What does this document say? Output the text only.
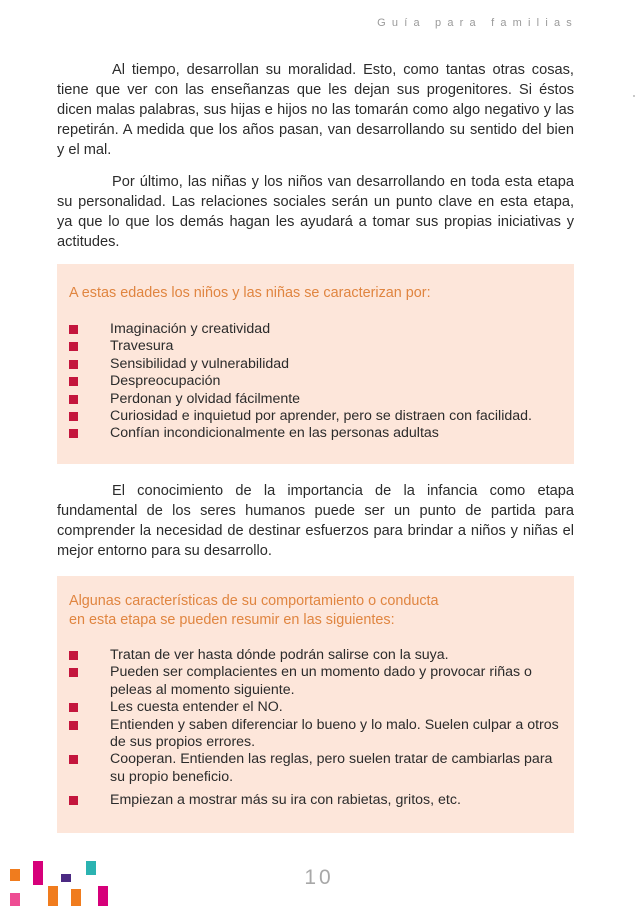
Guía para familias

Al tiempo, desarrollan su moralidad. Esto, como tantas otras cosas, tiene que ver con las enseñanzas que les dejan sus progenitores. Si éstos dicen malas palabras, sus hijas e hijos no las tomarán como algo negativo y las repetirán. A medida que los años pasan, van desarrollando su sentido del bien y el mal.

Por último, las niñas y los niños van desarrollando en toda esta etapa su personalidad. Las relaciones sociales serán un punto clave en esta etapa, ya que lo que los demás hagan les ayudará a tomar sus propias iniciativas y actitudes.

A estas edades los niños y las niñas se caracterizan por:

Imaginación y creatividad
Travesura
Sensibilidad y vulnerabilidad
Despreocupación
Perdonan y olvidad fácilmente
Curiosidad e inquietud por aprender, pero se distraen con facilidad.
Confían incondicionalmente en las personas adultas

El conocimiento de la importancia de la infancia como etapa fundamental de los seres humanos puede ser un punto de partida para comprender la necesidad de destinar esfuerzos para brindar a niños y niñas el mejor entorno para su desarrollo.

Algunas características de su comportamiento o conducta
en esta etapa se pueden resumir en las siguientes:

Tratan de ver hasta dónde podrán salirse con la suya.
Pueden ser complacientes en un momento dado y provocar riñas o peleas al momento siguiente.
Les cuesta entender el NO.
Entienden y saben diferenciar lo bueno y lo malo. Suelen culpar a otros de sus propios errores.
Cooperan. Entienden las reglas, pero suelen tratar de cambiarlas para su propio beneficio.
Empiezan a mostrar más su ira con rabietas, gritos, etc.
10
